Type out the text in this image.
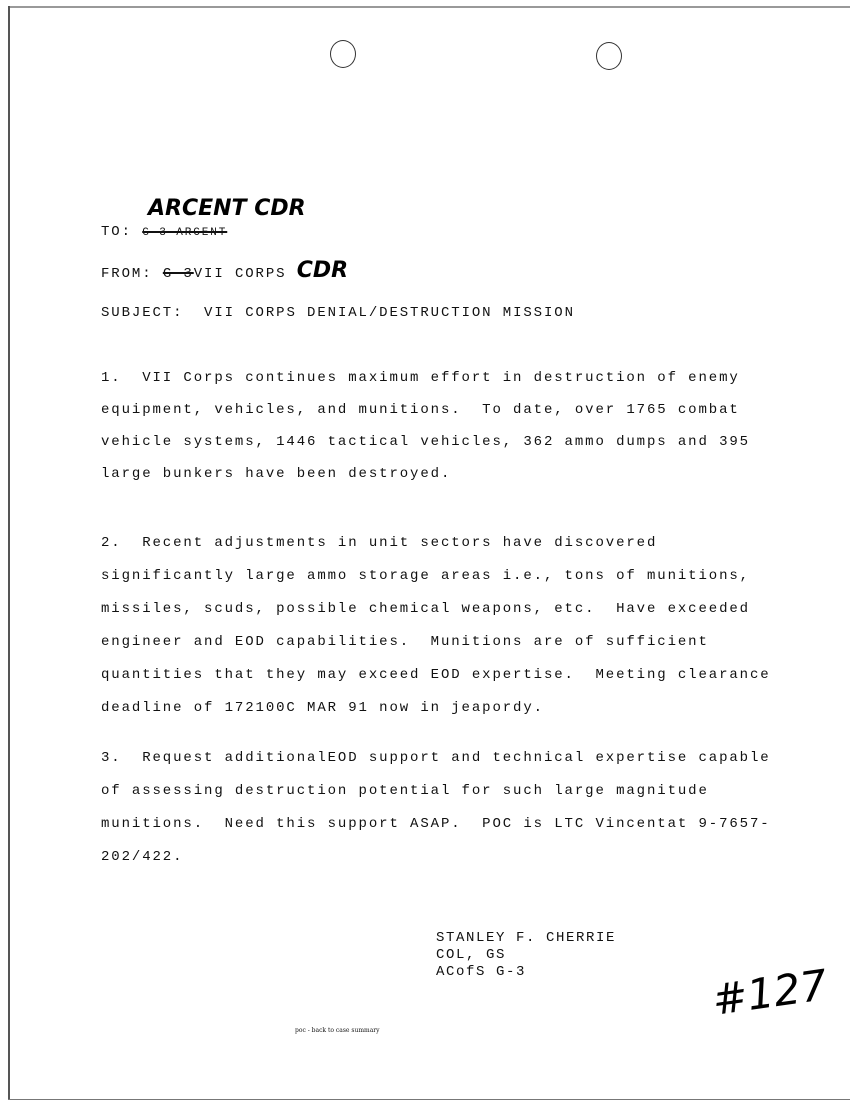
ARCENT CDR
TO: G-3 ARCENT
FROM: G-3VII CORPS CDR
SUBJECT: VII CORPS DENIAL/DESTRUCTION MISSION
1.  VII Corps continues maximum effort in destruction of enemy
equipment, vehicles, and munitions.  To date, over 1765 combat
vehicle systems, 1446 tactical vehicles, 362 ammo dumps and 395
large bunkers have been destroyed.
2.  Recent adjustments in unit sectors have discovered
significantly large ammo storage areas i.e., tons of munitions,
missiles, scuds, possible chemical weapons, etc.  Have exceeded
engineer and EOD capabilities.  Munitions are of sufficient
quantities that they may exceed EOD expertise.  Meeting clearance
deadline of 172100C MAR 91 now in jeapordy.
3.  Request additionalEOD support and technical expertise capable
of assessing destruction potential for such large magnitude
munitions.  Need this support ASAP.  POC is LTC Vincentat 9-7657-
202/422.
STANLEY F. CHERRIE
COL, GS
ACofS G-3	#127
poc - back to case summary
